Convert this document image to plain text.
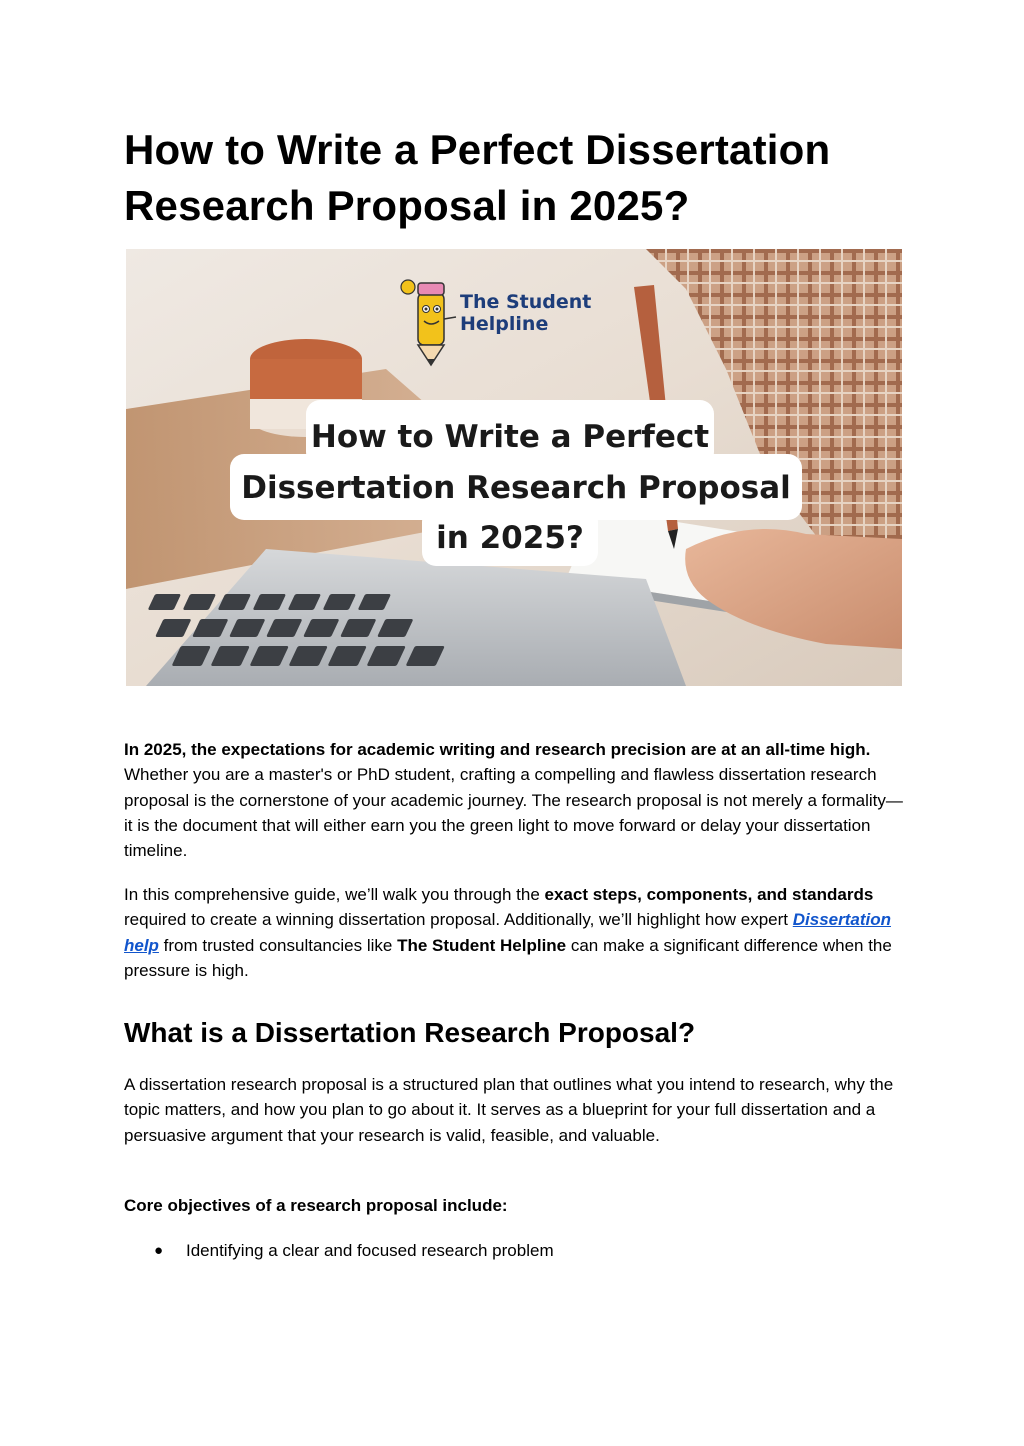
How to Write a Perfect Dissertation Research Proposal in 2025?
The Student
Helpline
How to Write a Perfect
Dissertation Research Proposal
in 2025?

In 2025, the expectations for academic writing and research precision are at an all-time high. Whether you are a master's or PhD student, crafting a compelling and flawless dissertation research proposal is the cornerstone of your academic journey. The research proposal is not merely a formality—it is the document that will either earn you the green light to move forward or delay your dissertation timeline.

In this comprehensive guide, we’ll walk you through the exact steps, components, and standards required to create a winning dissertation proposal. Additionally, we’ll highlight how expert Dissertation help from trusted consultancies like The Student Helpline can make a significant difference when the pressure is high.

What is a Dissertation Research Proposal?

A dissertation research proposal is a structured plan that outlines what you intend to research, why the topic matters, and how you plan to go about it. It serves as a blueprint for your full dissertation and a persuasive argument that your research is valid, feasible, and valuable.

Core objectives of a research proposal include:

● Identifying a clear and focused research problem
